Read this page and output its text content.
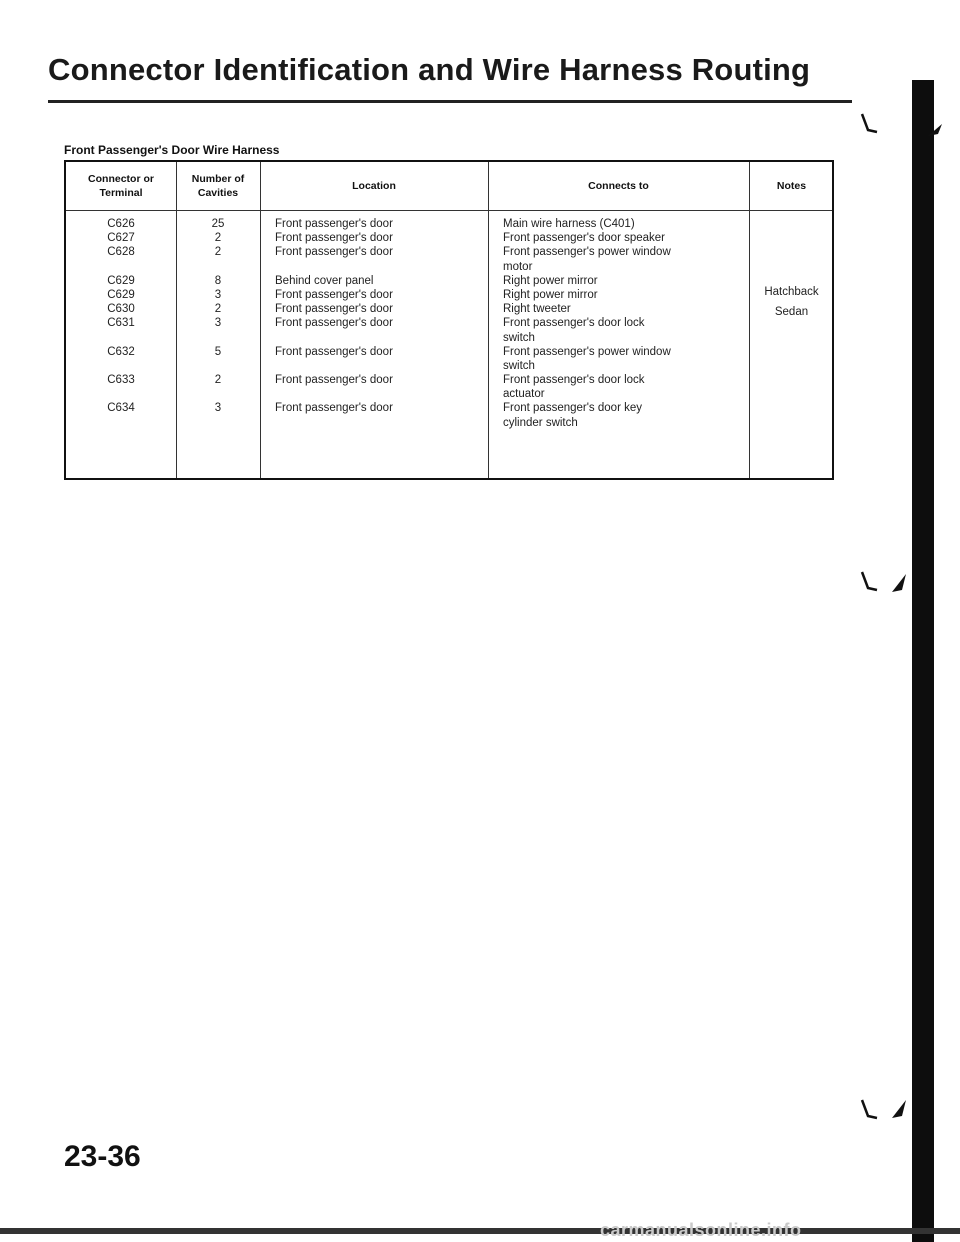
Connector Identification and Wire Harness Routing
Front Passenger's Door Wire Harness
Connector or
Terminal
Number of
Cavities
Location	Connects to	Notes
C626
C627
C628
C629
C629
C630
C631
C632
C633
C634
25
2
2
8
3
2
3
5
2
3
Front passenger's door
Front passenger's door
Front passenger's door
Behind cover panel
Front passenger's door
Front passenger's door
Front passenger's door
Front passenger's door
Front passenger's door
Front passenger's door
Main wire harness (C401)
Front passenger's door speaker
Front passenger's power window
motor
Right power mirror
Right power mirror
Right tweeter
Front passenger's door lock
switch
Front passenger's power window
switch
Front passenger's door lock
actuator
Front passenger's door key
cylinder switch
Hatchback
Sedan
23-36
carmanualsonline.info
